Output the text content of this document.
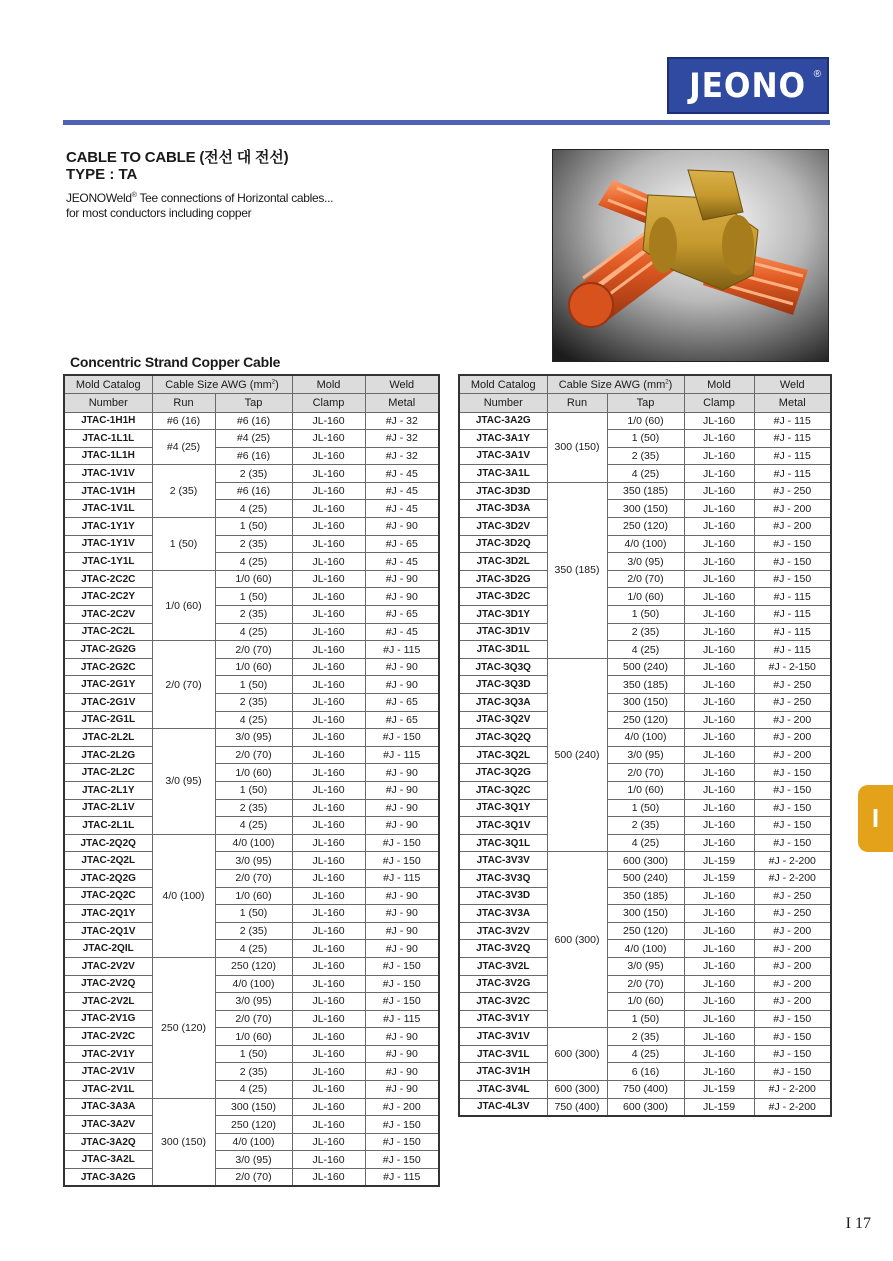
JEONO ®
CABLE TO CABLE (전선 대 전선)
TYPE : TA
JEONOWeld® Tee connections of Horizontal cables...
for most conductors including copper
Concentric Strand Copper Cable
Mold Catalog	Cable Size AWG $(mm^2)$		Mold	Weld
Number	Run	Tap	Clamp	Metal
JTAC-1H1H	#6 (16)	#6 (16)	JL-160	#J - 32
JTAC-1L1L	#4 (25)	#4 (25)	JL-160	#J - 32
JTAC-1L1H		#6 (16)	JL-160	#J - 32
JTAC-1V1V	2 (35)	2 (35)	JL-160	#J - 45
JTAC-1V1H		#6 (16)	JL-160	#J - 45
JTAC-1V1L		4 (25)	JL-160	#J - 45
JTAC-1Y1Y	1 (50)	1 (50)	JL-160	#J - 90
JTAC-1Y1V		2 (35)	JL-160	#J - 65
JTAC-1Y1L		4 (25)	JL-160	#J - 45
JTAC-2C2C	1/0 (60)	1/0 (60)	JL-160	#J - 90
JTAC-2C2Y		1 (50)	JL-160	#J - 90
JTAC-2C2V		2 (35)	JL-160	#J - 65
JTAC-2C2L		4 (25)	JL-160	#J - 45
JTAC-2G2G	2/0 (70)	2/0 (70)	JL-160	#J - 115
JTAC-2G2C		1/0 (60)	JL-160	#J - 90
JTAC-2G1Y		1 (50)	JL-160	#J - 90
JTAC-2G1V		2 (35)	JL-160	#J - 65
JTAC-2G1L		4 (25)	JL-160	#J - 65
JTAC-2L2L	3/0 (95)	3/0 (95)	JL-160	#J - 150
JTAC-2L2G		2/0 (70)	JL-160	#J - 115
JTAC-2L2C		1/0 (60)	JL-160	#J - 90
JTAC-2L1Y		1 (50)	JL-160	#J - 90
JTAC-2L1V		2 (35)	JL-160	#J - 90
JTAC-2L1L		4 (25)	JL-160	#J - 90
JTAC-2Q2Q	4/0 (100)	4/0 (100)	JL-160	#J - 150
JTAC-2Q2L		3/0 (95)	JL-160	#J - 150
JTAC-2Q2G		2/0 (70)	JL-160	#J - 115
JTAC-2Q2C		1/0 (60)	JL-160	#J - 90
JTAC-2Q1Y		1 (50)	JL-160	#J - 90
JTAC-2Q1V		2 (35)	JL-160	#J - 90
JTAC-2QIL		4 (25)	JL-160	#J - 90
JTAC-2V2V	250 (120)	250 (120)	JL-160	#J - 150
JTAC-2V2Q		4/0 (100)	JL-160	#J - 150
JTAC-2V2L		3/0 (95)	JL-160	#J - 150
JTAC-2V1G		2/0 (70)	JL-160	#J - 115
JTAC-2V2C		1/0 (60)	JL-160	#J - 90
JTAC-2V1Y		1 (50)	JL-160	#J - 90
JTAC-2V1V		2 (35)	JL-160	#J - 90
JTAC-2V1L		4 (25)	JL-160	#J - 90
JTAC-3A3A	300 (150)	300 (150)	JL-160	#J - 200
JTAC-3A2V		250 (120)	JL-160	#J - 150
JTAC-3A2Q		4/0 (100)	JL-160	#J - 150
JTAC-3A2L		3/0 (95)	JL-160	#J - 150
JTAC-3A2G		2/0 (70)	JL-160	#J - 115
Mold Catalog	Cable Size AWG $(mm^2)$		Mold	Weld
Number	Run	Tap	Clamp	Metal
JTAC-3A2G	300 (150)	1/0 (60)	JL-160	#J - 115
JTAC-3A1Y		1 (50)	JL-160	#J - 115
JTAC-3A1V		2 (35)	JL-160	#J - 115
JTAC-3A1L		4 (25)	JL-160	#J - 115
JTAC-3D3D	350 (185)	350 (185)	JL-160	#J - 250
JTAC-3D3A		300 (150)	JL-160	#J - 200
JTAC-3D2V		250 (120)	JL-160	#J - 200
JTAC-3D2Q		4/0 (100)	JL-160	#J - 150
JTAC-3D2L		3/0 (95)	JL-160	#J - 150
JTAC-3D2G		2/0 (70)	JL-160	#J - 150
JTAC-3D2C		1/0 (60)	JL-160	#J - 115
JTAC-3D1Y		1 (50)	JL-160	#J - 115
JTAC-3D1V		2 (35)	JL-160	#J - 115
JTAC-3D1L		4 (25)	JL-160	#J - 115
JTAC-3Q3Q	500 (240)	500 (240)	JL-160	#J - 2-150
JTAC-3Q3D		350 (185)	JL-160	#J - 250
JTAC-3Q3A		300 (150)	JL-160	#J - 250
JTAC-3Q2V		250 (120)	JL-160	#J - 200
JTAC-3Q2Q		4/0 (100)	JL-160	#J - 200
JTAC-3Q2L		3/0 (95)	JL-160	#J - 200
JTAC-3Q2G		2/0 (70)	JL-160	#J - 150
JTAC-3Q2C		1/0 (60)	JL-160	#J - 150
JTAC-3Q1Y		1 (50)	JL-160	#J - 150
JTAC-3Q1V		2 (35)	JL-160	#J - 150
JTAC-3Q1L		4 (25)	JL-160	#J - 150
JTAC-3V3V	600 (300)	600 (300)	JL-159	#J - 2-200
JTAC-3V3Q		500 (240)	JL-159	#J - 2-200
JTAC-3V3D		350 (185)	JL-160	#J - 250
JTAC-3V3A		300 (150)	JL-160	#J - 250
JTAC-3V2V		250 (120)	JL-160	#J - 200
JTAC-3V2Q		4/0 (100)	JL-160	#J - 200
JTAC-3V2L		3/0 (95)	JL-160	#J - 200
JTAC-3V2G		2/0 (70)	JL-160	#J - 200
JTAC-3V2C		1/0 (60)	JL-160	#J - 200
JTAC-3V1Y		1 (50)	JL-160	#J - 150
JTAC-3V1V	600 (300)	2 (35)	JL-160	#J - 150
JTAC-3V1L		4 (25)	JL-160	#J - 150
JTAC-3V1H		6 (16)	JL-160	#J - 150
JTAC-3V4L	600 (300)	750 (400)	JL-159	#J - 2-200
JTAC-4L3V	750 (400)	600 (300)	JL-159	#J - 2-200
I
I 17
